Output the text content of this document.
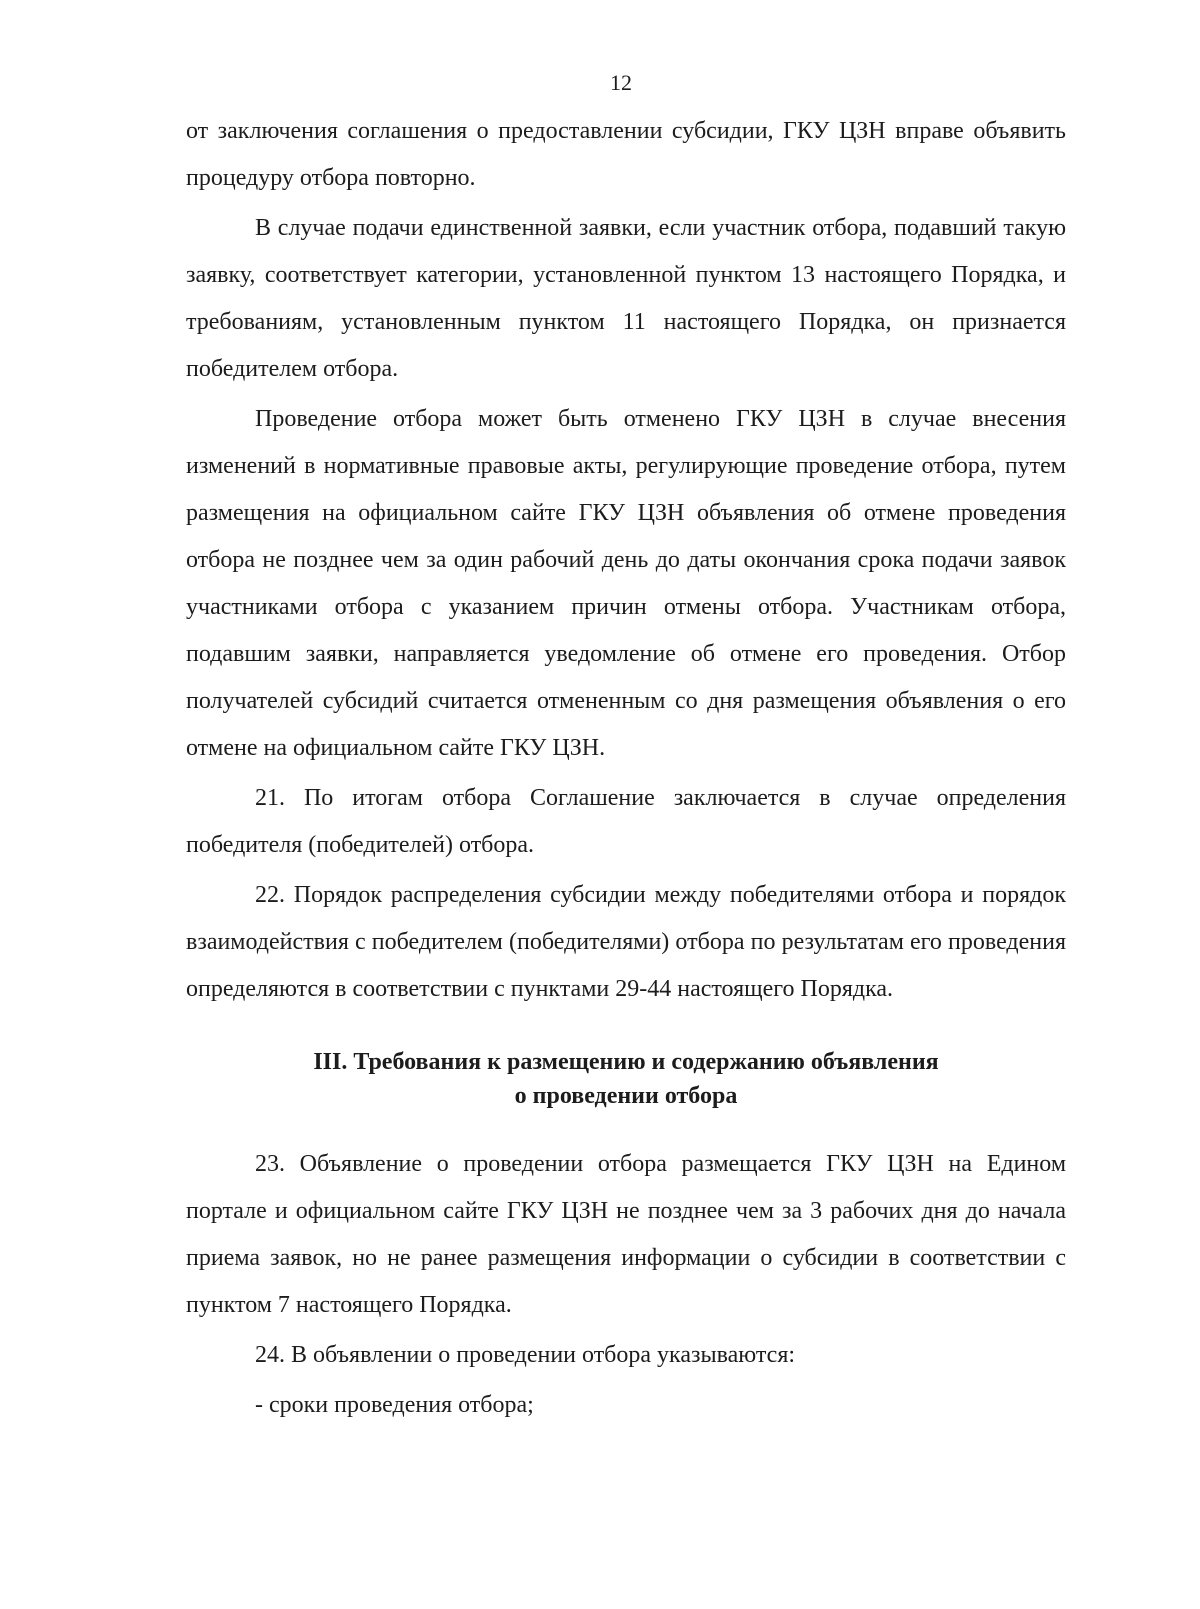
12

от заключения соглашения о предоставлении субсидии, ГКУ ЦЗН вправе объявить процедуру отбора повторно.

В случае подачи единственной заявки, если участник отбора, подавший такую заявку, соответствует категории, установленной пунктом 13 настоящего Порядка, и требованиям, установленным пунктом 11 настоящего Порядка, он признается победителем отбора.

Проведение отбора может быть отменено ГКУ ЦЗН в случае внесения изменений в нормативные правовые акты, регулирующие проведение отбора, путем размещения на официальном сайте ГКУ ЦЗН объявления об отмене проведения отбора не позднее чем за один рабочий день до даты окончания срока подачи заявок участниками отбора с указанием причин отмены отбора. Участникам отбора, подавшим заявки, направляется уведомление об отмене его проведения. Отбор получателей субсидий считается отмененным со дня размещения объявления о его отмене на официальном сайте ГКУ ЦЗН.

21. По итогам отбора Соглашение заключается в случае определения победителя (победителей) отбора.

22. Порядок распределения субсидии между победителями отбора и порядок взаимодействия с победителем (победителями) отбора по результатам его проведения определяются в соответствии с пунктами 29-44 настоящего Порядка.

III. Требования к размещению и содержанию объявления
о проведении отбора

23. Объявление о проведении отбора размещается ГКУ ЦЗН на Едином портале и официальном сайте ГКУ ЦЗН не позднее чем за 3 рабочих дня до начала приема заявок, но не ранее размещения информации о субсидии в соответствии с пунктом 7 настоящего Порядка.

24. В объявлении о проведении отбора указываются:

- сроки проведения отбора;
